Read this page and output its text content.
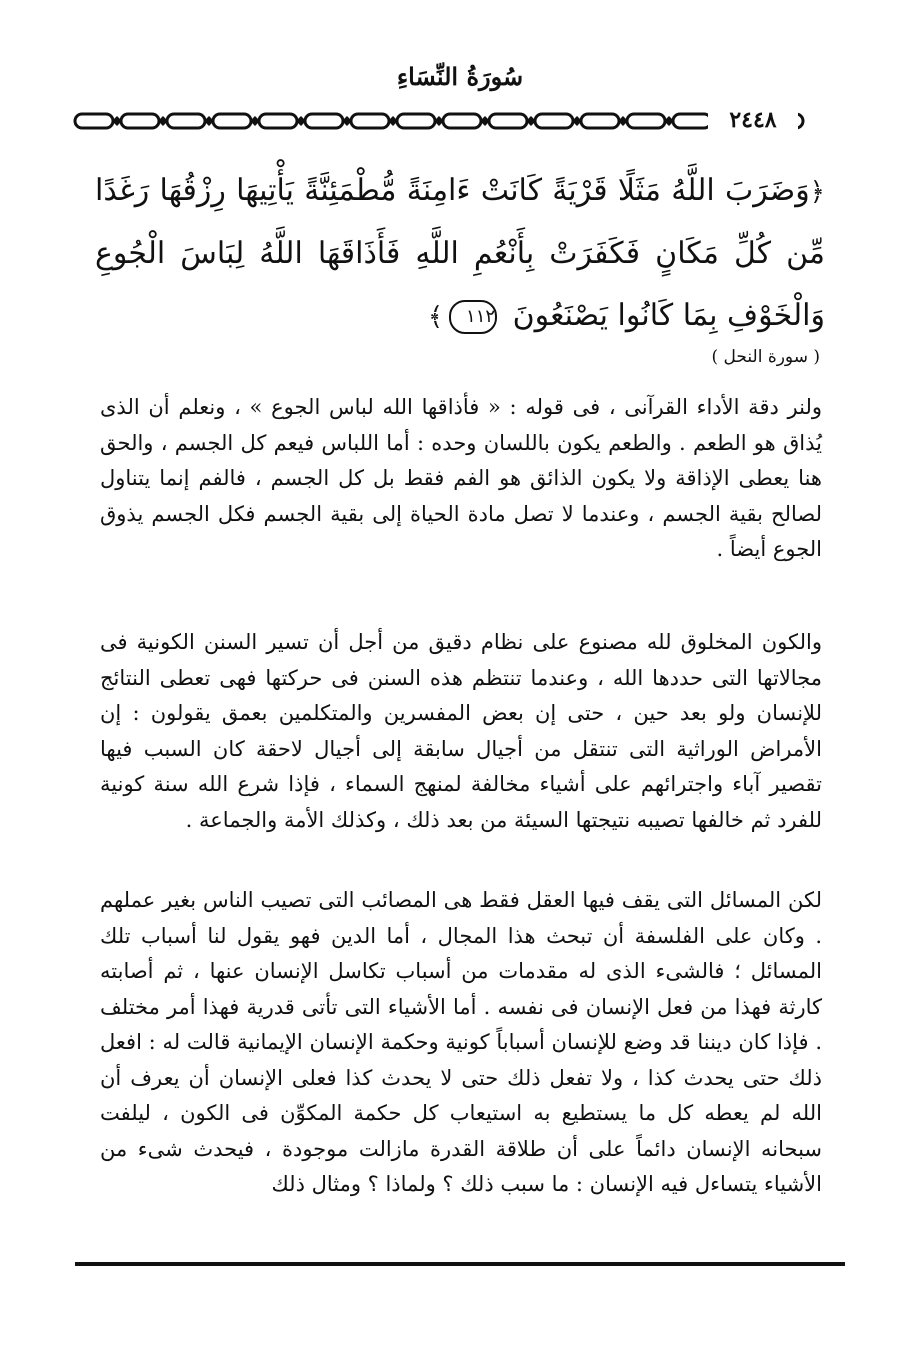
سُورَةُ النِّسَاءِ
٢٤٤٨
﴿وَضَرَبَ اللَّهُ مَثَلًا قَرْيَةً كَانَتْ ءَامِنَةً مُّطْمَئِنَّةً يَأْتِيهَا رِزْقُهَا رَغَدًا مِّن كُلِّ مَكَانٍ فَكَفَرَتْ بِأَنْعُمِ اللَّهِ فَأَذَاقَهَا اللَّهُ لِبَاسَ الْجُوعِ وَالْخَوْفِ بِمَا كَانُوا يَصْنَعُونَ ١١٢﴾
( سورة النحل )

ولنر دقة الأداء القرآنى ، فى قوله : « فأذاقها الله لباس الجوع » ، ونعلم أن الذى يُذاق هو الطعم . والطعم يكون باللسان وحده : أما اللباس فيعم كل الجسم ، والحق هنا يعطى الإذاقة ولا يكون الذائق هو الفم فقط بل كل الجسم ، فالفم إنما يتناول لصالح بقية الجسم ، وعندما لا تصل مادة الحياة إلى بقية الجسم فكل الجسم يذوق الجوع أيضاً .

والكون المخلوق لله مصنوع على نظام دقيق من أجل أن تسير السنن الكونية فى مجالاتها التى حددها الله ، وعندما تنتظم هذه السنن فى حركتها فهى تعطى النتائج للإنسان ولو بعد حين ، حتى إن بعض المفسرين والمتكلمين بعمق يقولون : إن الأمراض الوراثية التى تنتقل من أجيال سابقة إلى أجيال لاحقة كان السبب فيها تقصير آباء واجترائهم على أشياء مخالفة لمنهج السماء ، فإذا شرع الله سنة كونية للفرد ثم خالفها تصيبه نتيجتها السيئة من بعد ذلك ، وكذلك الأمة والجماعة .

لكن المسائل التى يقف فيها العقل فقط هى المصائب التى تصيب الناس بغير عملهم . وكان على الفلسفة أن تبحث هذا المجال ، أما الدين فهو يقول لنا أسباب تلك المسائل ؛ فالشىء الذى له مقدمات من أسباب تكاسل الإنسان عنها ، ثم أصابته كارثة فهذا من فعل الإنسان فى نفسه . أما الأشياء التى تأتى قدرية فهذا أمر مختلف . فإذا كان ديننا قد وضع للإنسان أسباباً كونية وحكمة الإنسان الإيمانية قالت له : افعل ذلك حتى يحدث كذا ، ولا تفعل ذلك حتى لا يحدث كذا فعلى الإنسان أن يعرف أن الله لم يعطه كل ما يستطيع به استيعاب كل حكمة المكوِّن فى الكون ، ليلفت سبحانه الإنسان دائماً على أن طلاقة القدرة مازالت موجودة ، فيحدث شىء من الأشياء يتساءل فيه الإنسان : ما سبب ذلك ؟ ولماذا ؟ ومثال ذلك
